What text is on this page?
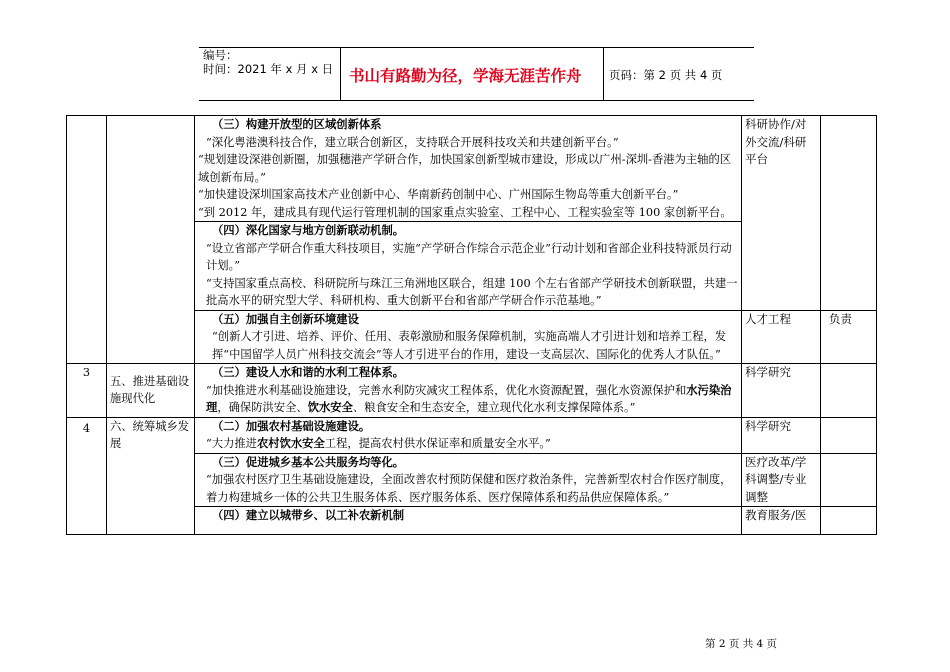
编号：
时间：2021 年 x 月 x 日	书山有路勤为径，学海无涯苦作舟 页码：第 2 页 共 4 页

		（三）构建开放型的区域创新体系
“深化粤港澳科技合作，建立联合创新区，支持联合开展科技攻关和共建创新平台。”
“规划建设深港创新圈，加强穗港产学研合作，加快国家创新型城市建设，形成以广州-深圳-香港为主轴的区域创新布局。”
“加快建设深圳国家高技术产业创新中心、华南新药创制中心、广州国际生物岛等重大创新平台。”
“到 2012 年，建成具有现代运行管理机制的国家重点实验室、工程中心、工程实验室等 100 家创新平台。	科研协作/对外交流/科研平台	

		（四）深化国家与地方创新联动机制。
“设立省部产学研合作重大科技项目，实施“产学研合作综合示范企业”行动计划和省部企业科技特派员行动计划。”
“支持国家重点高校、科研院所与珠江三角洲地区联合，组建 100 个左右省部产学研技术创新联盟，共建一批高水平的研究型大学、科研机构、重大创新平台和省部产学研合作示范基地。”		

		（五）加强自主创新环境建设
“创新人才引进、培养、评价、任用、表彰激励和服务保障机制，实施高端人才引进计划和培养工程，发挥“中国留学人员广州科技交流会”等人才引进平台的作用，建设一支高层次、国际化的优秀人才队伍。”	人才工程	负责
3	五、推进基础设施现代化	（三）建设人水和谐的水利工程体系。
“加快推进水利基础设施建设，完善水利防灾减灾工程体系，优化水资源配置，强化水资源保护和水污染治理，确保防洪安全、饮水安全、粮食安全和生态安全，建立现代化水利支撑保障体系。”	科学研究	
4	六、统筹城乡发展	（二）加强农村基础设施建设。
“大力推进农村饮水安全工程，提高农村供水保证率和质量安全水平。”	科学研究	

		（三）促进城乡基本公共服务均等化。
“加强农村医疗卫生基础设施建设，全面改善农村预防保健和医疗救治条件，完善新型农村合作医疗制度，着力构建城乡一体的公共卫生服务体系、医疗服务体系、医疗保障体系和药品供应保障体系。”	医疗改革/学科调整/专业调整	

		（四）建立以城带乡、以工补农新机制	教育服务/医	
第 2 页 共 4 页
